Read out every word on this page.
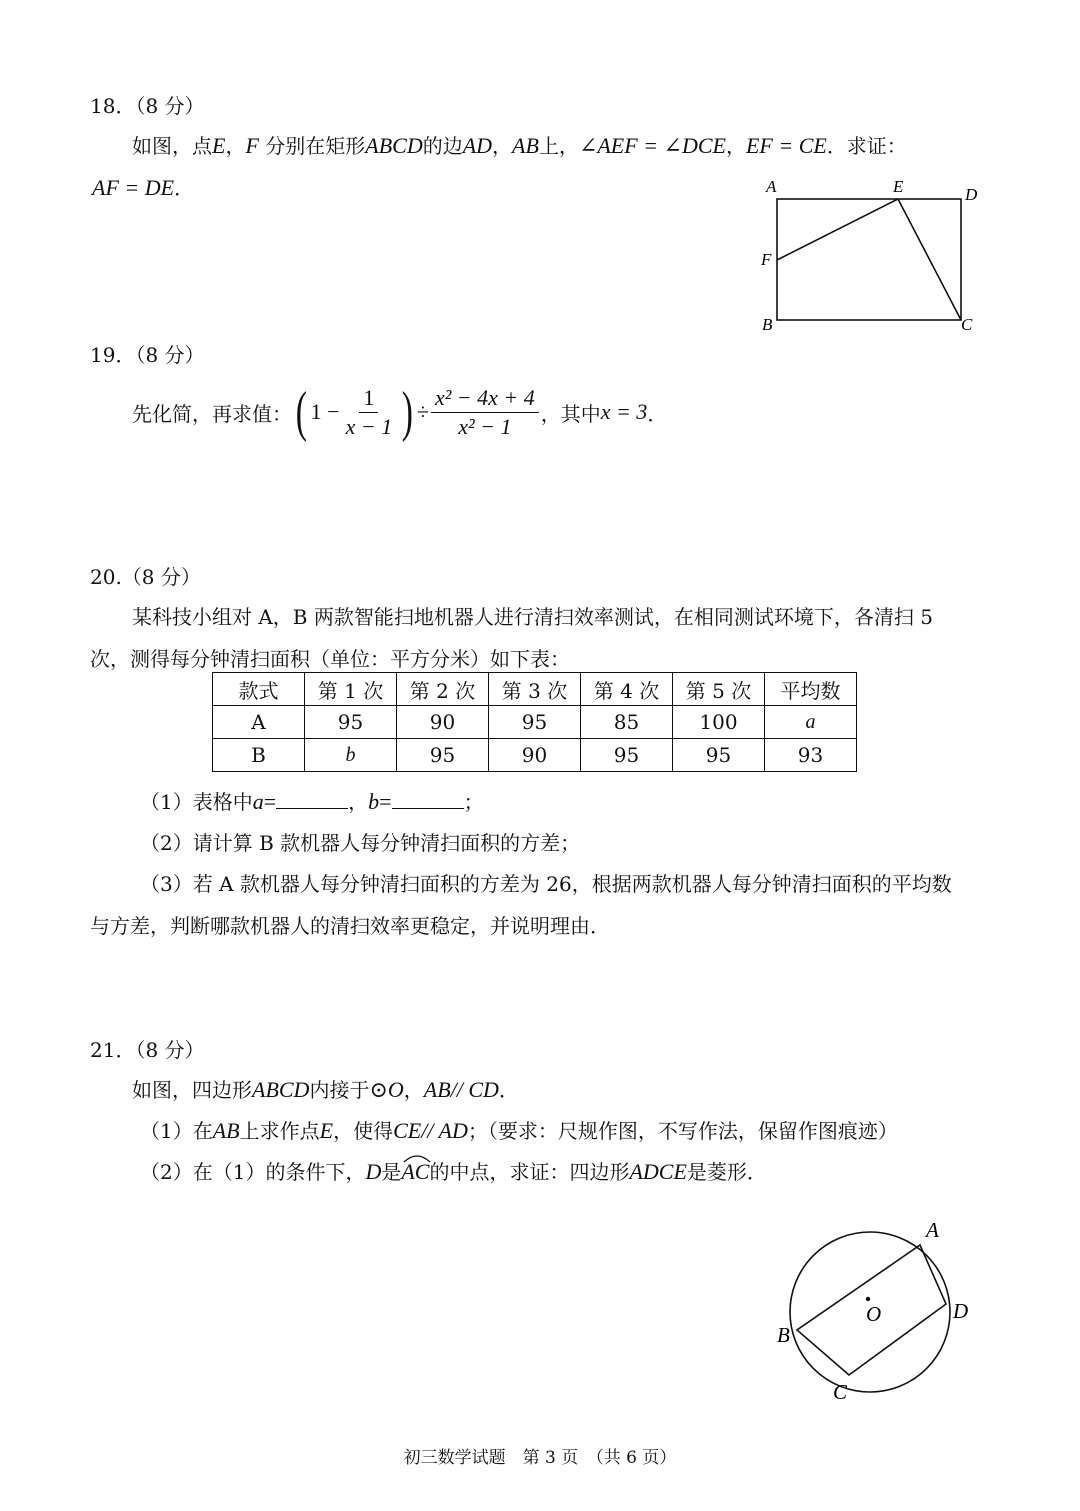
18．（8 分）
如图，点E，F 分别在矩形ABCD的边AD，AB上，∠AEF = ∠DCE，EF = CE．求证：
AF = DE．	A	E	D
F
B	C
19．（8 分）
先化简，再求值： ( $1 - \frac{1}{x - 1}$ ) ÷ $\frac{\text{x² − 4x + 4}}{\text{x² − 1}}$ ，其中 x = 3 ．
20.（8 分）
某科技小组对 A，B 两款智能扫地机器人进行清扫效率测试，在相同测试环境下，各清扫 5
次，测得每分钟清扫面积（单位：平方分米）如下表：
款式	第 1 次	第 2 次	第 3 次	第 4 次	第 5 次	平均数
A	95	90	95	85	100	a
B	b	95	90	95	95	93
（1）表格中a=	，b=	；
（2）请计算 B 款机器人每分钟清扫面积的方差；
（3）若 A 款机器人每分钟清扫面积的方差为 26，根据两款机器人每分钟清扫面积的平均数
与方差，判断哪款机器人的清扫效率更稳定，并说明理由．
21．（8 分）
如图，四边形ABCD内接于⊙O，AB// CD．
（1）在AB上求作点E，使得CE// AD；（要求：尺规作图，不写作法，保留作图痕迹）
（2）在（1）的条件下，D是
AC的中点，求证：四边形ADCE是菱形．
A
D
O
B
C
初三数学试题　第 3 页　（共 6 页）
